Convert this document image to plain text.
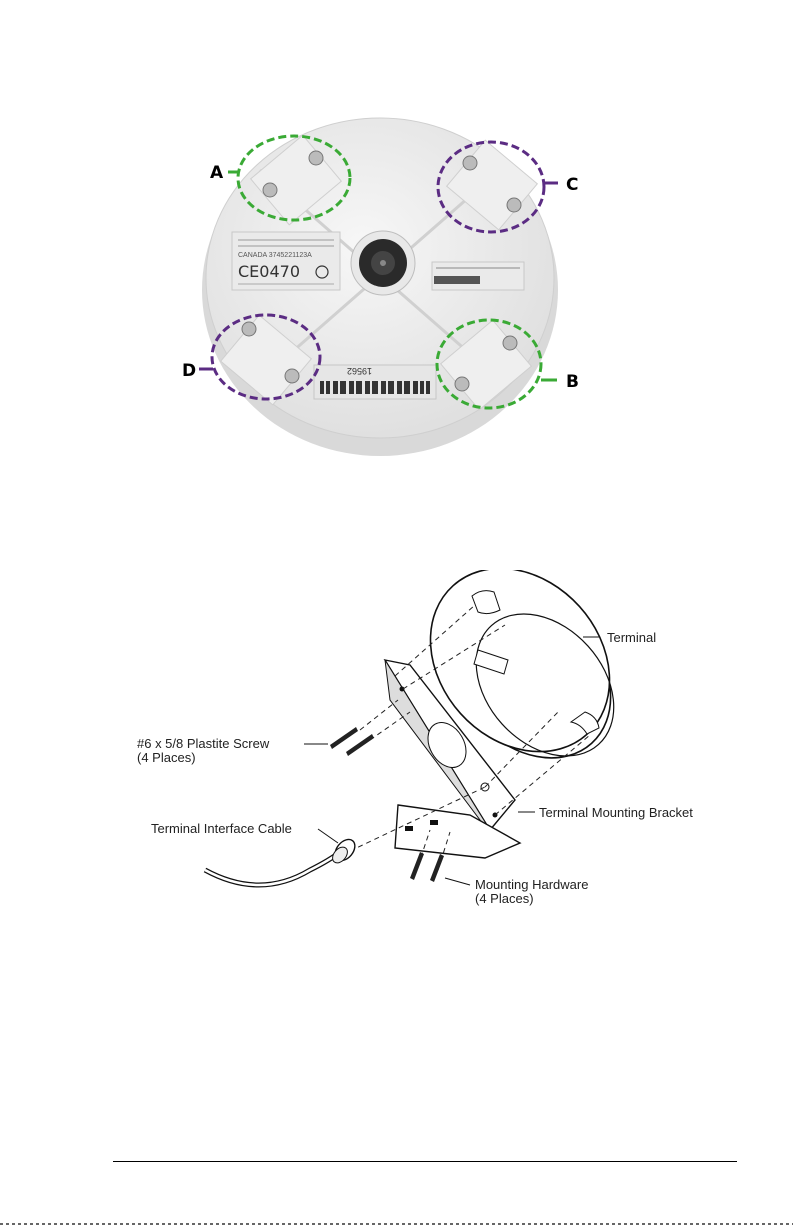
CANADA 3745221123A
CE0470
19562
A
C
D
B
Terminal
#6 x 5/8 Plastite Screw
(4 Places)
Terminal Mounting Bracket
Terminal Interface Cable
Mounting Hardware
(4 Places)
